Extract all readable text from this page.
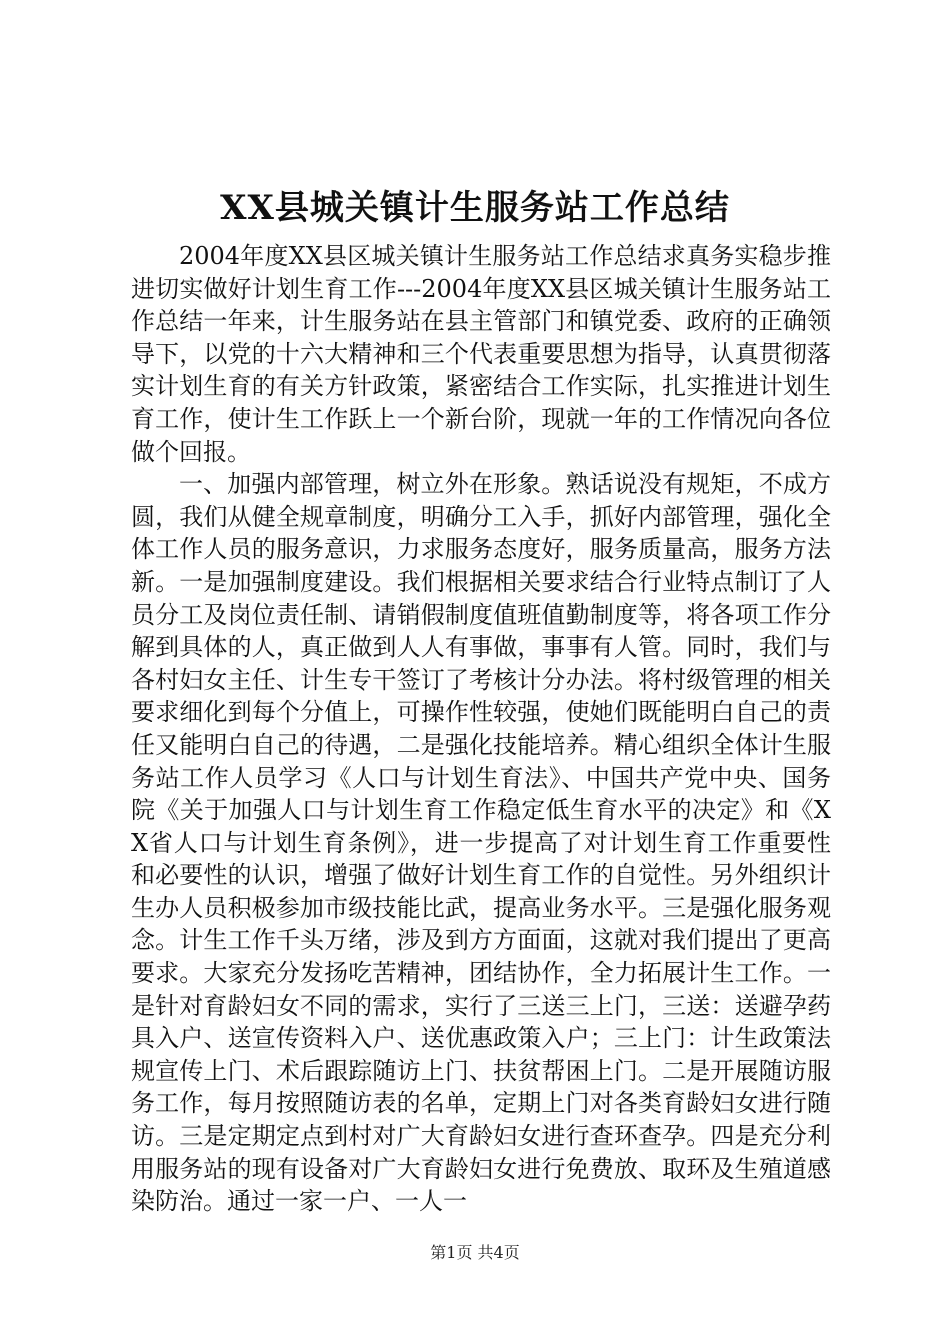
XX县城关镇计生服务站工作总结

2004年度XX县区城关镇计生服务站工作总结求真务实稳步推进切实做好计划生育工作---2004年度XX县区城关镇计生服务站工作总结一年来，计生服务站在县主管部门和镇党委、政府的正确领导下，以党的十六大精神和三个代表重要思想为指导，认真贯彻落实计划生育的有关方针政策，紧密结合工作实际，扎实推进计划生育工作，使计生工作跃上一个新台阶，现就一年的工作情况向各位做个回报。

一、加强内部管理，树立外在形象。熟话说没有规矩，不成方圆，我们从健全规章制度，明确分工入手，抓好内部管理，强化全体工作人员的服务意识，力求服务态度好，服务质量高，服务方法新。一是加强制度建设。我们根据相关要求结合行业特点制订了人员分工及岗位责任制、请销假制度值班值勤制度等，将各项工作分解到具体的人，真正做到人人有事做，事事有人管。同时，我们与各村妇女主任、计生专干签订了考核计分办法。将村级管理的相关要求细化到每个分值上，可操作性较强，使她们既能明白自己的责任又能明白自己的待遇，二是强化技能培养。精心组织全体计生服务站工作人员学习《人口与计划生育法》、中国共产党中央、国务院《关于加强人口与计划生育工作稳定低生育水平的决定》和《XX省人口与计划生育条例》，进一步提高了对计划生育工作重要性和必要性的认识，增强了做好计划生育工作的自觉性。另外组织计生办人员积极参加市级技能比武，提高业务水平。三是强化服务观念。计生工作千头万绪，涉及到方方面面，这就对我们提出了更高要求。大家充分发扬吃苦精神，团结协作，全力拓展计生工作。一是针对育龄妇女不同的需求，实行了三送三上门，三送：送避孕药具入户、送宣传资料入户、送优惠政策入户；三上门：计生政策法规宣传上门、术后跟踪随访上门、扶贫帮困上门。二是开展随访服务工作，每月按照随访表的名单，定期上门对各类育龄妇女进行随访。三是定期定点到村对广大育龄妇女进行查环查孕。四是充分利用服务站的现有设备对广大育龄妇女进行免费放、取环及生殖道感染防治。通过一家一户、一人一

第1页 共4页
